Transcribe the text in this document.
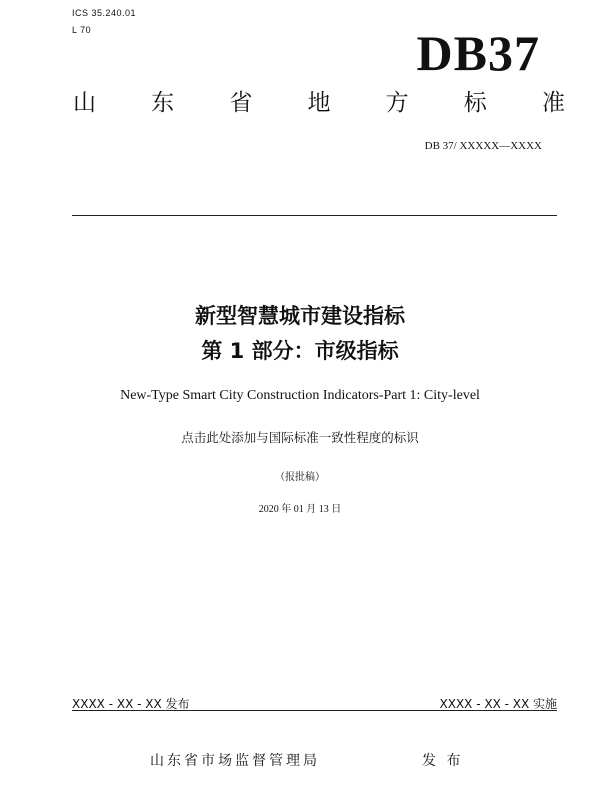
ICS 35.240.01
L 70	DB37
山 东 省 地 方 标 准
DB 37/ XXXXX—XXXX
新型智慧城市建设指标
第 1 部分：市级指标
New-Type Smart City Construction Indicators-Part 1: City-level
点击此处添加与国际标准一致性程度的标识
（报批稿）
2020 年 01 月 13 日
XXXX - XX - XX 发布	XXXX - XX - XX 实施
山东省市场监督管理局	发 布
